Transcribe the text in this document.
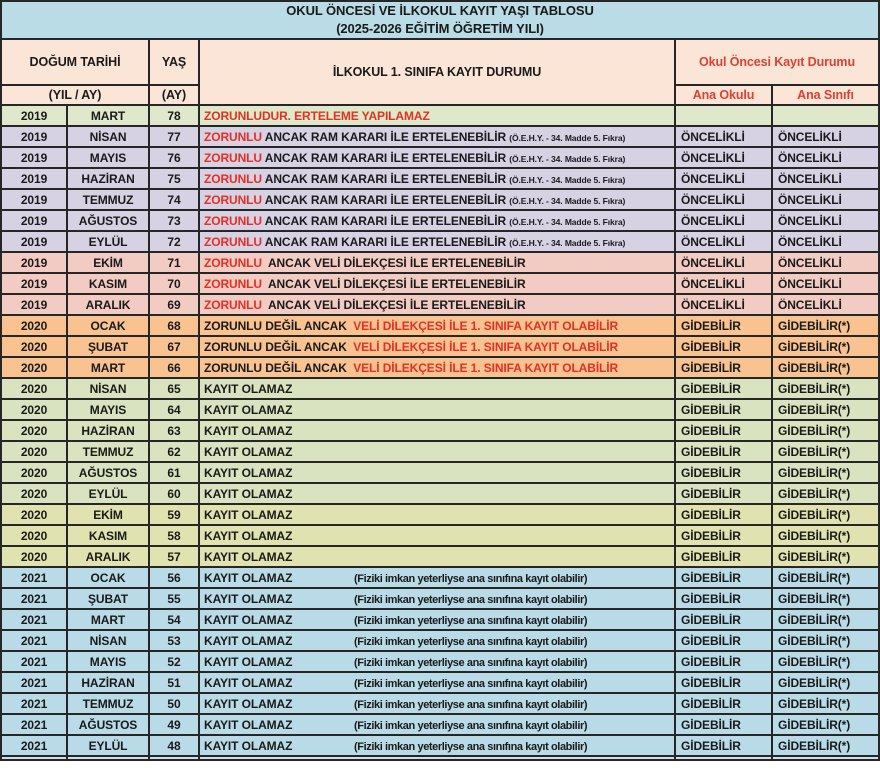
OKUL ÖNCESİ VE İLKOKUL KAYIT YAŞI TABLOSU
(2025-2026 EĞİTİM ÖĞRETİM YILI)					

DOĞUM TARİHİ		YAŞ	İLKOKUL 1. SINIFA KAYIT DURUMU	Okul Öncesi Kayıt Durumu	
(YIL / AY)		(AY)		Ana Okulu	Ana Sınıfı
2019	MART	78	ZORUNLUDUR. ERTELEME YAPILAMAZ		
2019	NİSAN	77	ZORUNLU ANCAK RAM KARARI İLE ERTELENEBİLİR (Ö.E.H.Y. - 34. Madde 5. Fıkra)	ÖNCELİKLİ	ÖNCELİKLİ
2019	MAYIS	76	ZORUNLU ANCAK RAM KARARI İLE ERTELENEBİLİR (Ö.E.H.Y. - 34. Madde 5. Fıkra)	ÖNCELİKLİ	ÖNCELİKLİ
2019	HAZİRAN	75	ZORUNLU ANCAK RAM KARARI İLE ERTELENEBİLİR (Ö.E.H.Y. - 34. Madde 5. Fıkra)	ÖNCELİKLİ	ÖNCELİKLİ
2019	TEMMUZ	74	ZORUNLU ANCAK RAM KARARI İLE ERTELENEBİLİR (Ö.E.H.Y. - 34. Madde 5. Fıkra)	ÖNCELİKLİ	ÖNCELİKLİ
2019	AĞUSTOS	73	ZORUNLU ANCAK RAM KARARI İLE ERTELENEBİLİR (Ö.E.H.Y. - 34. Madde 5. Fıkra)	ÖNCELİKLİ	ÖNCELİKLİ
2019	EYLÜL	72	ZORUNLU ANCAK RAM KARARI İLE ERTELENEBİLİR (Ö.E.H.Y. - 34. Madde 5. Fıkra)	ÖNCELİKLİ	ÖNCELİKLİ
2019	EKİM	71	ZORUNLU  ANCAK VELİ DİLEKÇESİ İLE ERTELENEBİLİR	ÖNCELİKLİ	ÖNCELİKLİ
2019	KASIM	70	ZORUNLU  ANCAK VELİ DİLEKÇESİ İLE ERTELENEBİLİR	ÖNCELİKLİ	ÖNCELİKLİ
2019	ARALIK	69	ZORUNLU  ANCAK VELİ DİLEKÇESİ İLE ERTELENEBİLİR	ÖNCELİKLİ	ÖNCELİKLİ
2020	OCAK	68	ZORUNLU DEĞİL ANCAK  VELİ DİLEKÇESİ İLE 1. SINIFA KAYIT OLABİLİR	GİDEBİLİR	GİDEBİLİR(*)
2020	ŞUBAT	67	ZORUNLU DEĞİL ANCAK  VELİ DİLEKÇESİ İLE 1. SINIFA KAYIT OLABİLİR	GİDEBİLİR	GİDEBİLİR(*)
2020	MART	66	ZORUNLU DEĞİL ANCAK  VELİ DİLEKÇESİ İLE 1. SINIFA KAYIT OLABİLİR	GİDEBİLİR	GİDEBİLİR(*)
2020	NİSAN	65	KAYIT OLAMAZ	GİDEBİLİR	GİDEBİLİR(*)
2020	MAYIS	64	KAYIT OLAMAZ	GİDEBİLİR	GİDEBİLİR(*)
2020	HAZİRAN	63	KAYIT OLAMAZ	GİDEBİLİR	GİDEBİLİR(*)
2020	TEMMUZ	62	KAYIT OLAMAZ	GİDEBİLİR	GİDEBİLİR(*)
2020	AĞUSTOS	61	KAYIT OLAMAZ	GİDEBİLİR	GİDEBİLİR(*)
2020	EYLÜL	60	KAYIT OLAMAZ	GİDEBİLİR	GİDEBİLİR(*)
2020	EKİM	59	KAYIT OLAMAZ	GİDEBİLİR	GİDEBİLİR(*)
2020	KASIM	58	KAYIT OLAMAZ	GİDEBİLİR	GİDEBİLİR(*)
2020	ARALIK	57	KAYIT OLAMAZ	GİDEBİLİR	GİDEBİLİR(*)
2021	OCAK	56	KAYIT OLAMAZ (Fiziki imkan yeterliyse ana sınıfına kayıt olabilir)	GİDEBİLİR	GİDEBİLİR(*)
2021	ŞUBAT	55	KAYIT OLAMAZ (Fiziki imkan yeterliyse ana sınıfına kayıt olabilir)	GİDEBİLİR	GİDEBİLİR(*)
2021	MART	54	KAYIT OLAMAZ (Fiziki imkan yeterliyse ana sınıfına kayıt olabilir)	GİDEBİLİR	GİDEBİLİR(*)
2021	NİSAN	53	KAYIT OLAMAZ (Fiziki imkan yeterliyse ana sınıfına kayıt olabilir)	GİDEBİLİR	GİDEBİLİR(*)
2021	MAYIS	52	KAYIT OLAMAZ (Fiziki imkan yeterliyse ana sınıfına kayıt olabilir)	GİDEBİLİR	GİDEBİLİR(*)
2021	HAZİRAN	51	KAYIT OLAMAZ (Fiziki imkan yeterliyse ana sınıfına kayıt olabilir)	GİDEBİLİR	GİDEBİLİR(*)
2021	TEMMUZ	50	KAYIT OLAMAZ (Fiziki imkan yeterliyse ana sınıfına kayıt olabilir)	GİDEBİLİR	GİDEBİLİR(*)
2021	AĞUSTOS	49	KAYIT OLAMAZ (Fiziki imkan yeterliyse ana sınıfına kayıt olabilir)	GİDEBİLİR	GİDEBİLİR(*)
2021	EYLÜL	48	KAYIT OLAMAZ (Fiziki imkan yeterliyse ana sınıfına kayıt olabilir)	GİDEBİLİR	GİDEBİLİR(*)
